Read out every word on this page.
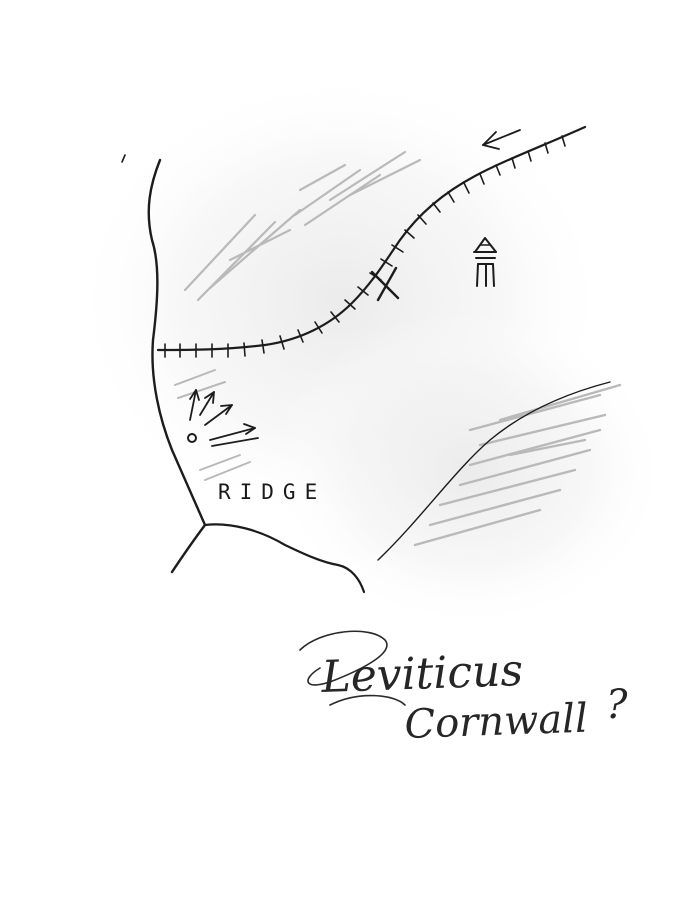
RIDGE
Leviticus
Cornwall ?
